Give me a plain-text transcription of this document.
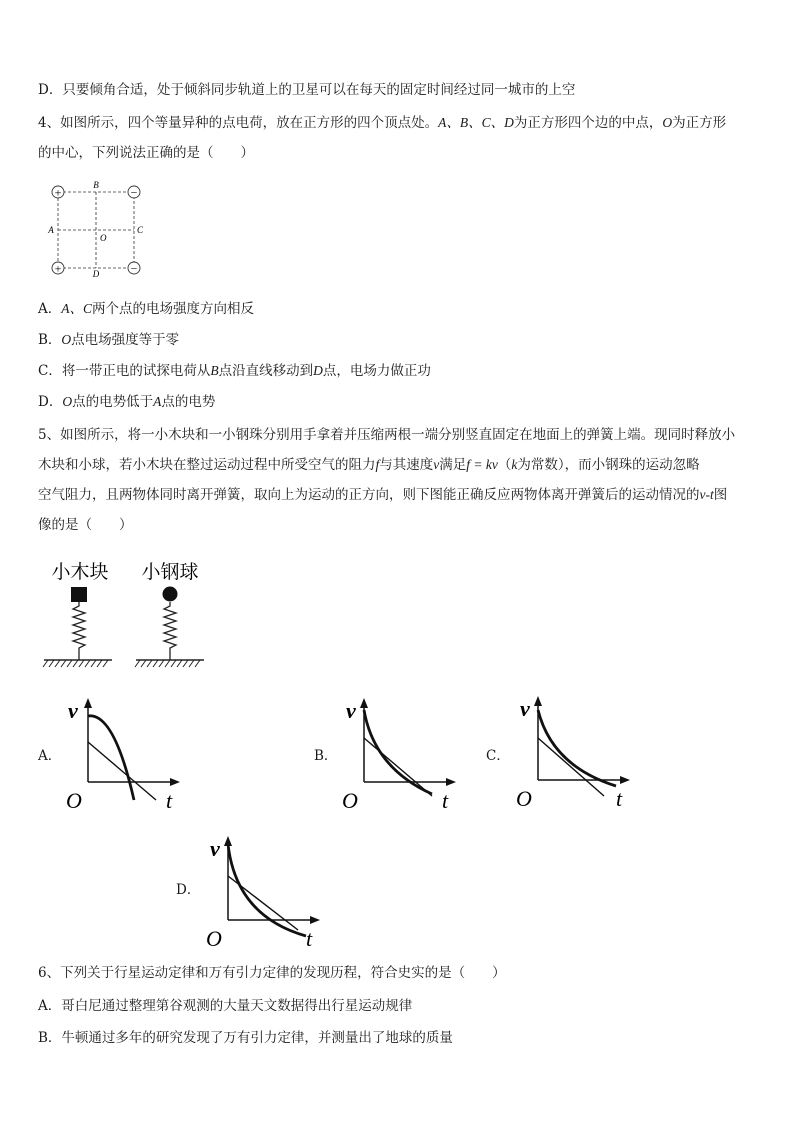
D．只要倾角合适，处于倾斜同步轨道上的卫星可以在每天的固定时间经过同一城市的上空
4、如图所示，四个等量异种的点电荷，放在正方形的四个顶点处。A、B、C、D为正方形四个边的中点，O为正方形
的中心，下列说法正确的是（　　）
+	−
+	−
B
D
A	C
O
A．A、C两个点的电场强度方向相反
B．O点电场强度等于零
C．将一带正电的试探电荷从B点沿直线移动到D点，电场力做正功
D．O点的电势低于A点的电势
5、如图所示，将一小木块和一小钢珠分别用手拿着并压缩两根一端分别竖直固定在地面上的弹簧上端。现同时释放小
木块和小球，若小木块在整过运动过程中所受空气的阻力f与其速度v满足f = kv（k为常数），而小钢珠的运动忽略
空气阻力，且两物体同时离开弹簧，取向上为运动的正方向，则下图能正确反应两物体离开弹簧后的运动情况的v-t图
像的是（　　）
小木块 小钢球
A．
v
t
O
B．
v
t
O
C．
v
t
O
D．
v
t
O
6、下列关于行星运动定律和万有引力定律的发现历程，符合史实的是（　　）
A．哥白尼通过整理第谷观测的大量天文数据得出行星运动规律
B．牛顿通过多年的研究发现了万有引力定律，并测量出了地球的质量
